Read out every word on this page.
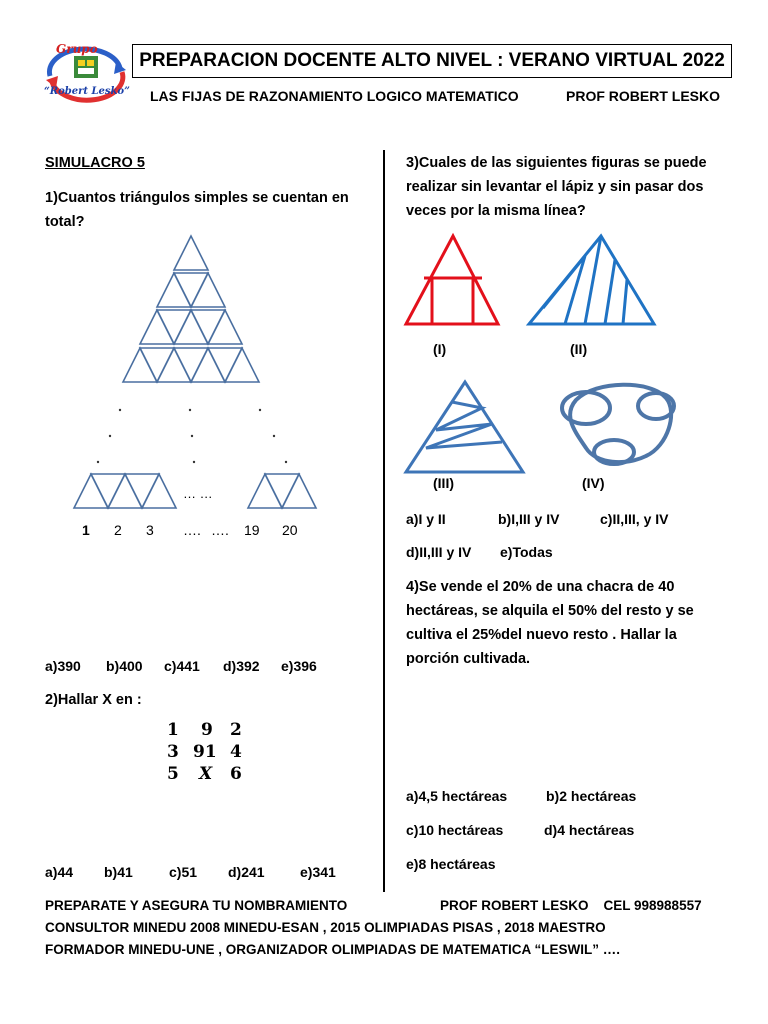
Grupo
“Robert Lesko”
PREPARACION DOCENTE ALTO NIVEL : VERANO VIRTUAL 2022
LAS FIJAS DE RAZONAMIENTO LOGICO MATEMATICO	PROF ROBERT LESKO
SIMULACRO 5
1)Cuantos triángulos simples se cuentan en
total?
… …
1 2 3 …. …. 19 20
a)390 b)400 c)441 d)392 e)396
2)Hallar X en :
1 9 2
3 91 4
5 X 6
a)44 b)41	c)51 d)241	e)341
3)Cuales de las siguientes figuras se puede
realizar sin levantar el lápiz y sin pasar dos
veces por la misma línea?
(I)	(II)
(III)	(IV)
a)I y II	b)I,III y IV	c)II,III, y IV
d)II,III y IV e)Todas
4)Se vende el 20% de una chacra de 40
hectáreas, se alquila el 50% del resto y se
cultiva el 25%del nuevo resto . Hallar la
porción cultivada.
a)4,5 hectáreas	b)2 hectáreas
c)10 hectáreas	d)4 hectáreas
e)8 hectáreas
PREPARATE Y ASEGURA TU NOMBRAMIENTO	PROF ROBERT LESKO    CEL 998988557
CONSULTOR MINEDU 2008 MINEDU-ESAN , 2015 OLIMPIADAS PISAS , 2018 MAESTRO
FORMADOR MINEDU-UNE , ORGANIZADOR OLIMPIADAS DE MATEMATICA “LESWIL” ….
